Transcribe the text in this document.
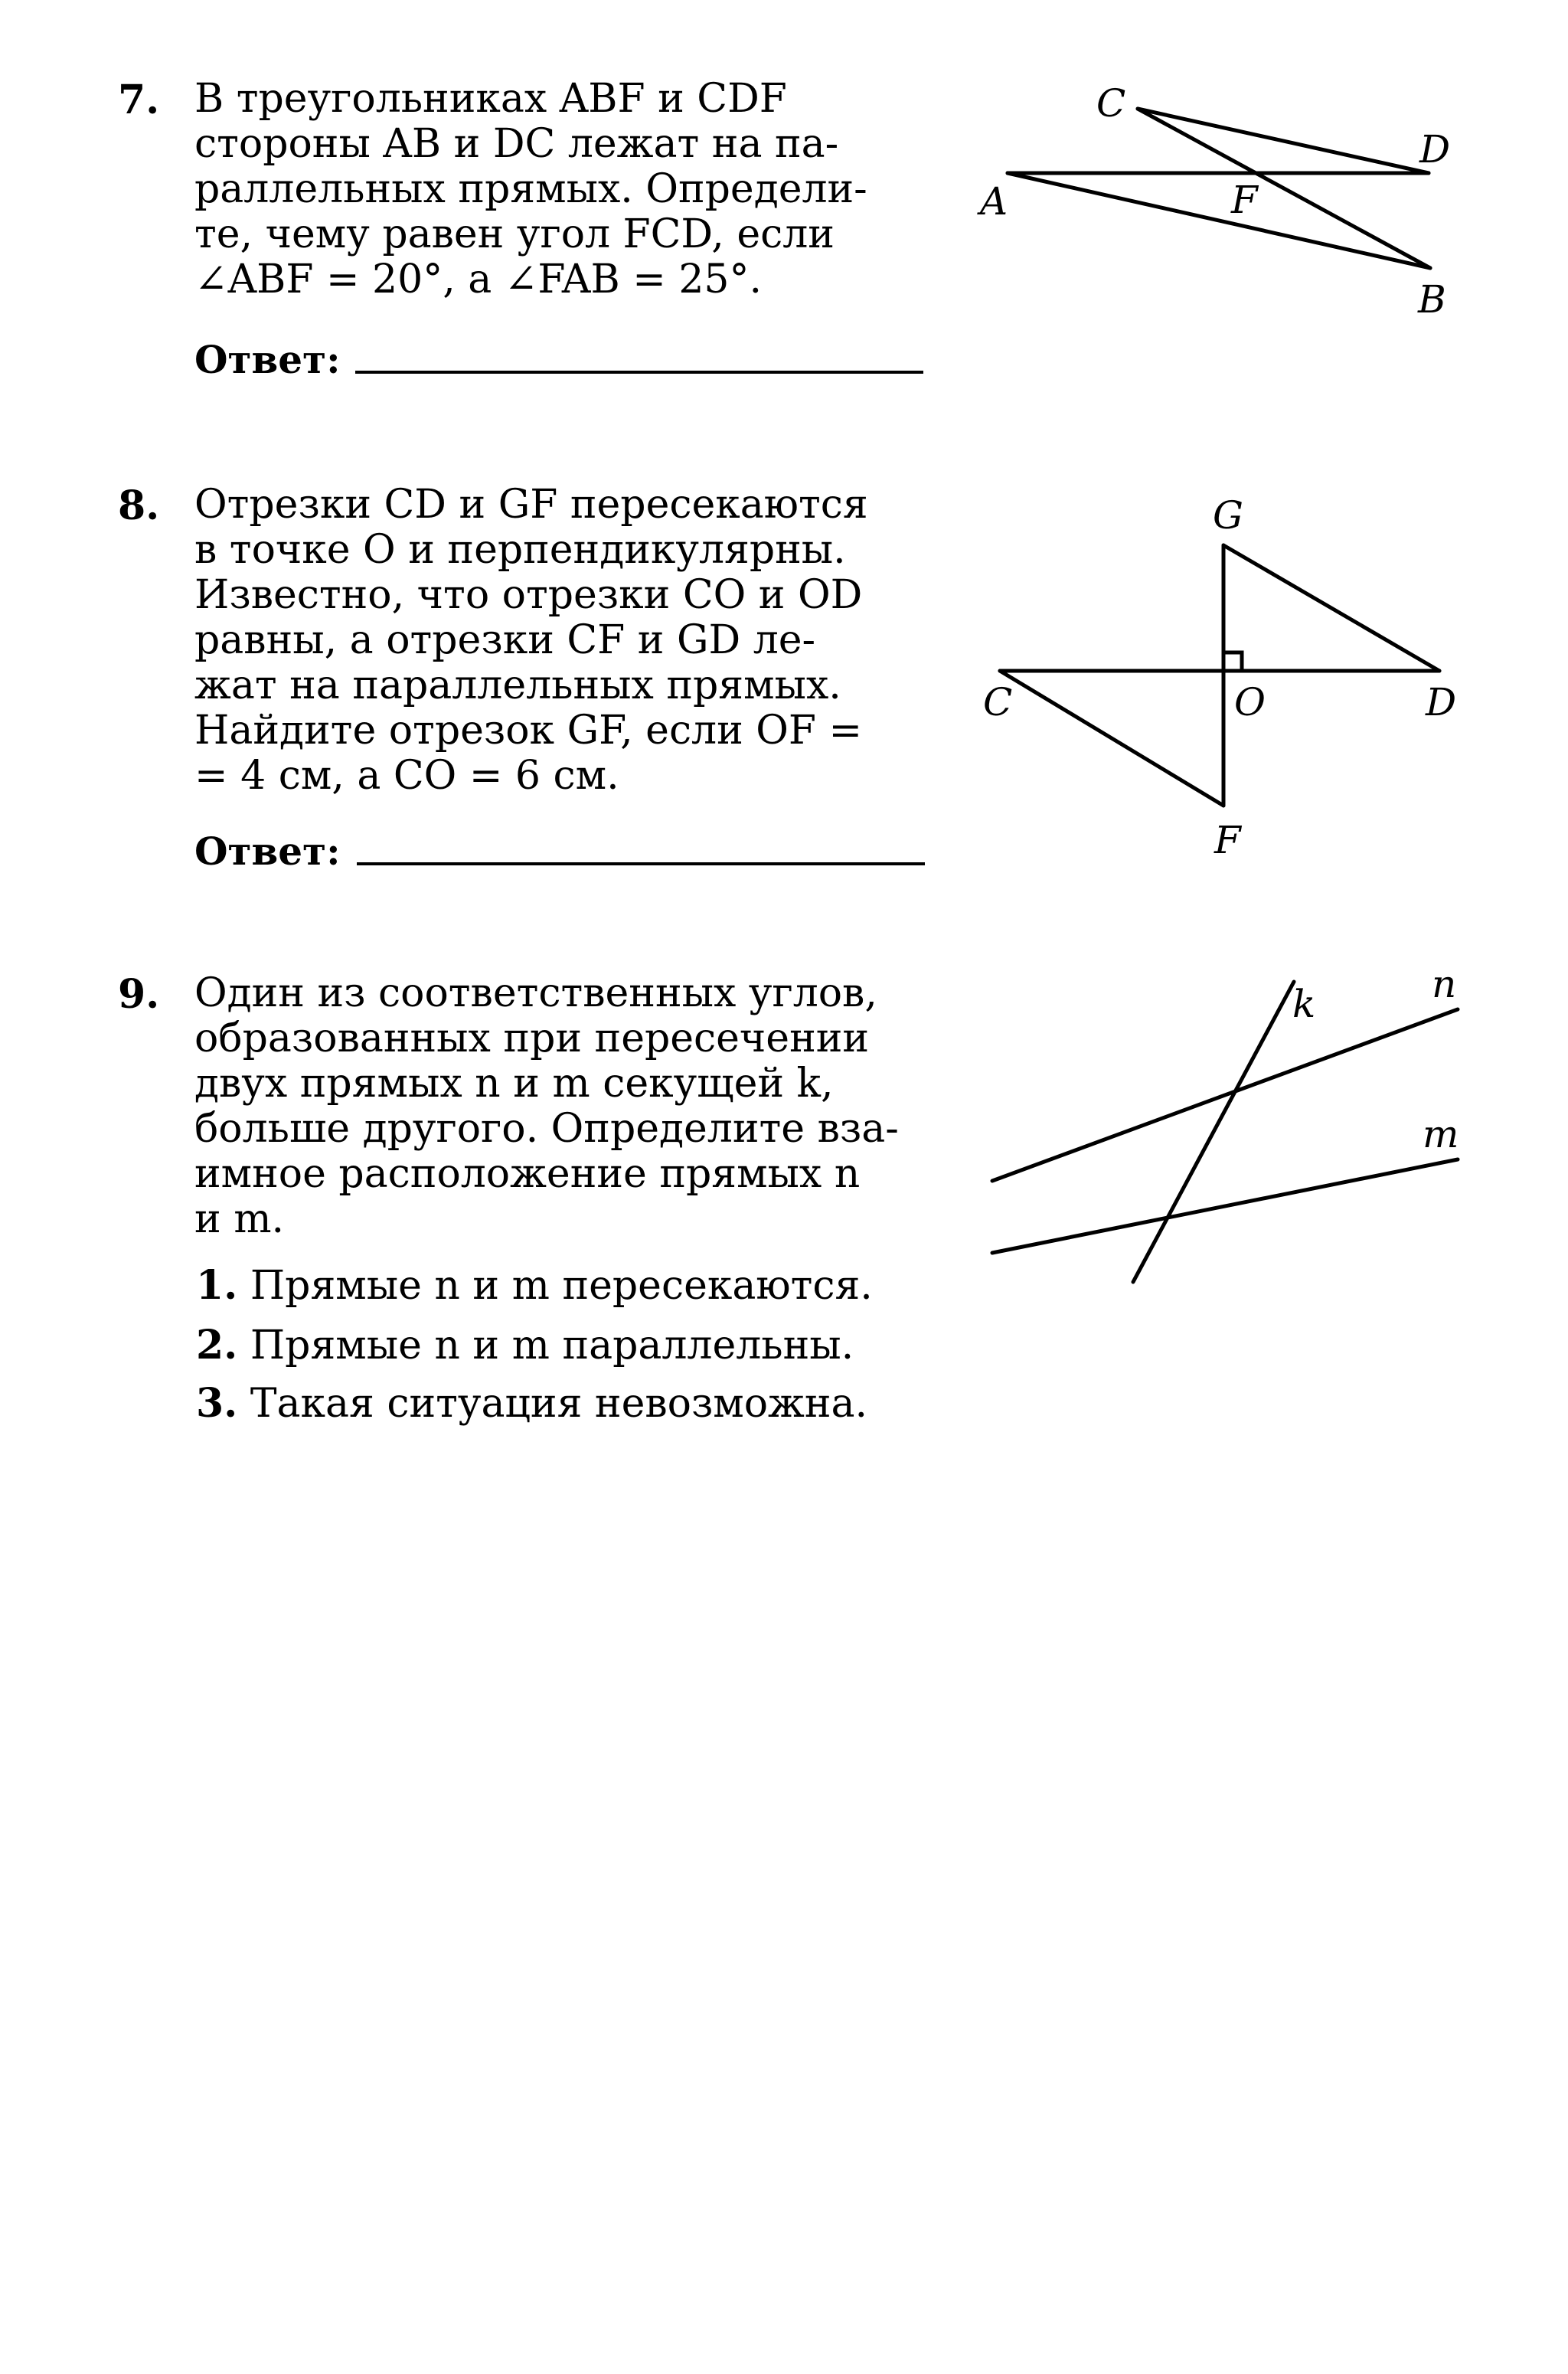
7. В треугольниках ABF и CDF
стороны AB и DC лежат на па-
раллельных прямых. Определи-
те, чему равен угол FCD, если
∠ABF = 20°, а ∠FAB = 25°.
Ответ:
C
D
A	F
B
8. Отрезки CD и GF пересекаются
в точке O и перпендикулярны.
Известно, что отрезки CO и OD
равны, а отрезки CF и GD ле-
жат на параллельных прямых.
Найдите отрезок GF, если OF =
= 4 см, а CO = 6 см.
Ответ:
G
C	O	D
F
9. Один из соответственных углов,
образованных при пересечении
двух прямых n и m секущей k,
больше другого. Определите вза-
имное расположение прямых n
и m.
1. Прямые n и m пересекаются.
2. Прямые n и m параллельны.
3. Такая ситуация невозможна.
k	n
m
